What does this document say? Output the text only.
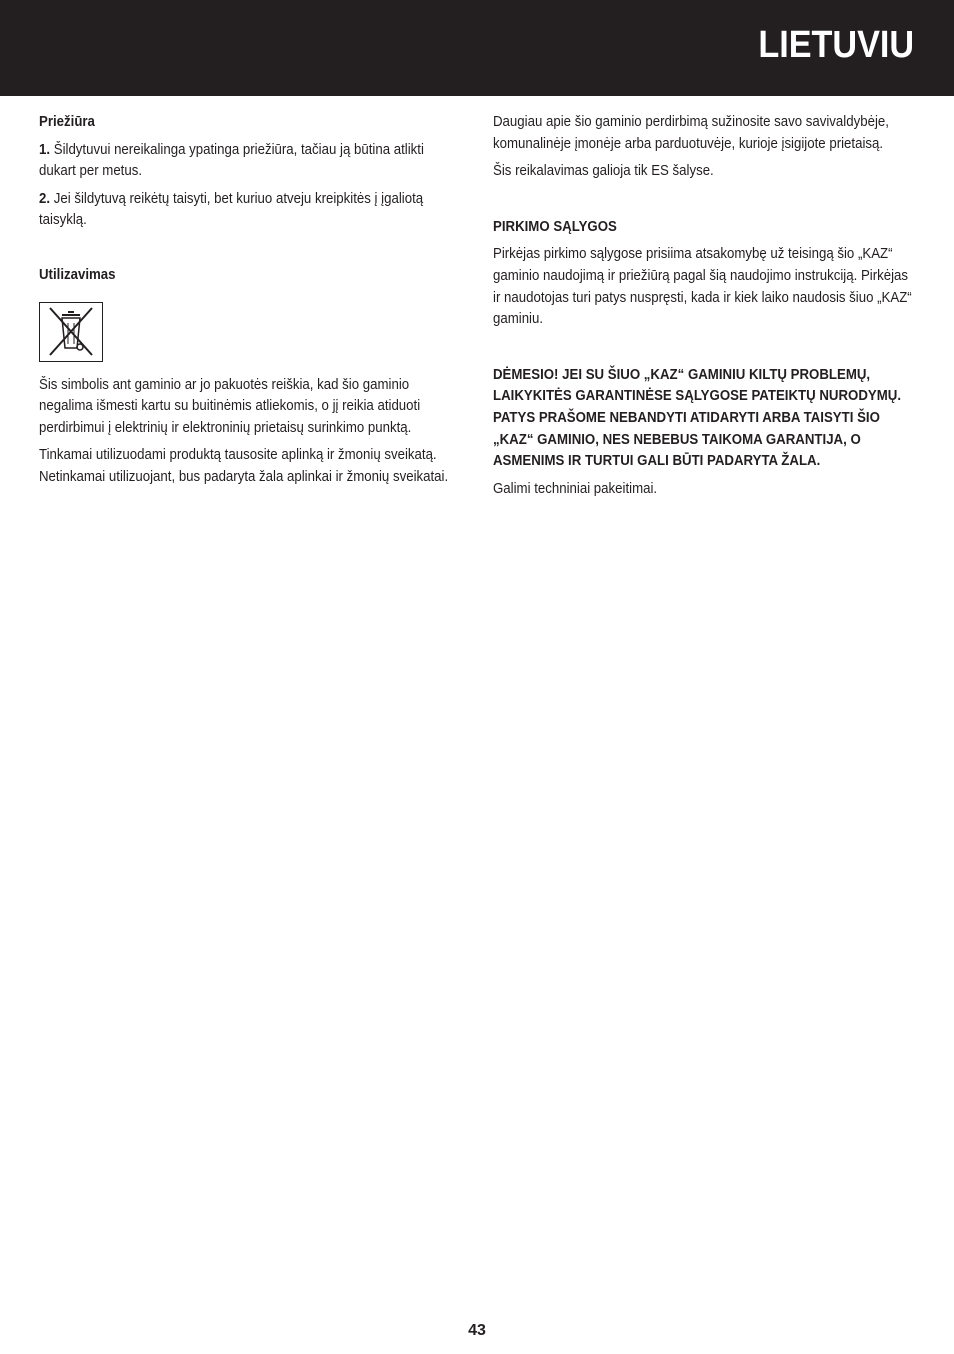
LIETUVIU

Priežiūra

1. Šildytuvui nereikalinga ypatinga priežiūra, tačiau ją būtina atlikti dukart per metus.

2. Jei šildytuvą reikėtų taisyti, bet kuriuo atveju kreipkitės į įgaliotą taisyklą.

Utilizavimas

Šis simbolis ant gaminio ar jo pakuotės reiškia, kad šio gaminio negalima išmesti kartu su buitinėmis atliekomis, o jį reikia atiduoti perdirbimui į elektrinių ir elektroninių prietaisų surinkimo punktą.

Tinkamai utilizuodami produktą tausosite aplinką ir žmonių sveikatą. Netinkamai utilizuojant, bus padaryta žala aplinkai ir žmonių sveikatai.

Daugiau apie šio gaminio perdirbimą sužinosite savo savivaldybėje, komunalinėje įmonėje arba parduotuvėje, kurioje įsigijote prietaisą.

Šis reikalavimas galioja tik ES šalyse.

PIRKIMO SĄLYGOS

Pirkėjas pirkimo sąlygose prisiima atsakomybę už teisingą šio „KAZ“ gaminio naudojimą ir priežiūrą pagal šią naudojimo instrukciją. Pirkėjas ir naudotojas turi patys nuspręsti, kada ir kiek laiko naudosis šiuo „KAZ“ gaminiu.

DĖMESIO! JEI SU ŠIUO „KAZ“ GAMINIU KILTŲ PROBLEMŲ, LAIKYKITĖS GARANTINĖSE SĄLYGOSE PATEIKTŲ NURODYMŲ. PATYS PRAŠOME NEBANDYTI ATIDARYTI ARBA TAISYTI ŠIO „KAZ“ GAMINIO, NES NEBEBUS TAIKOMA GARANTIJA, O ASMENIMS IR TURTUI GALI BŪTI PADARYTA ŽALA.

Galimi techniniai pakeitimai.

43
